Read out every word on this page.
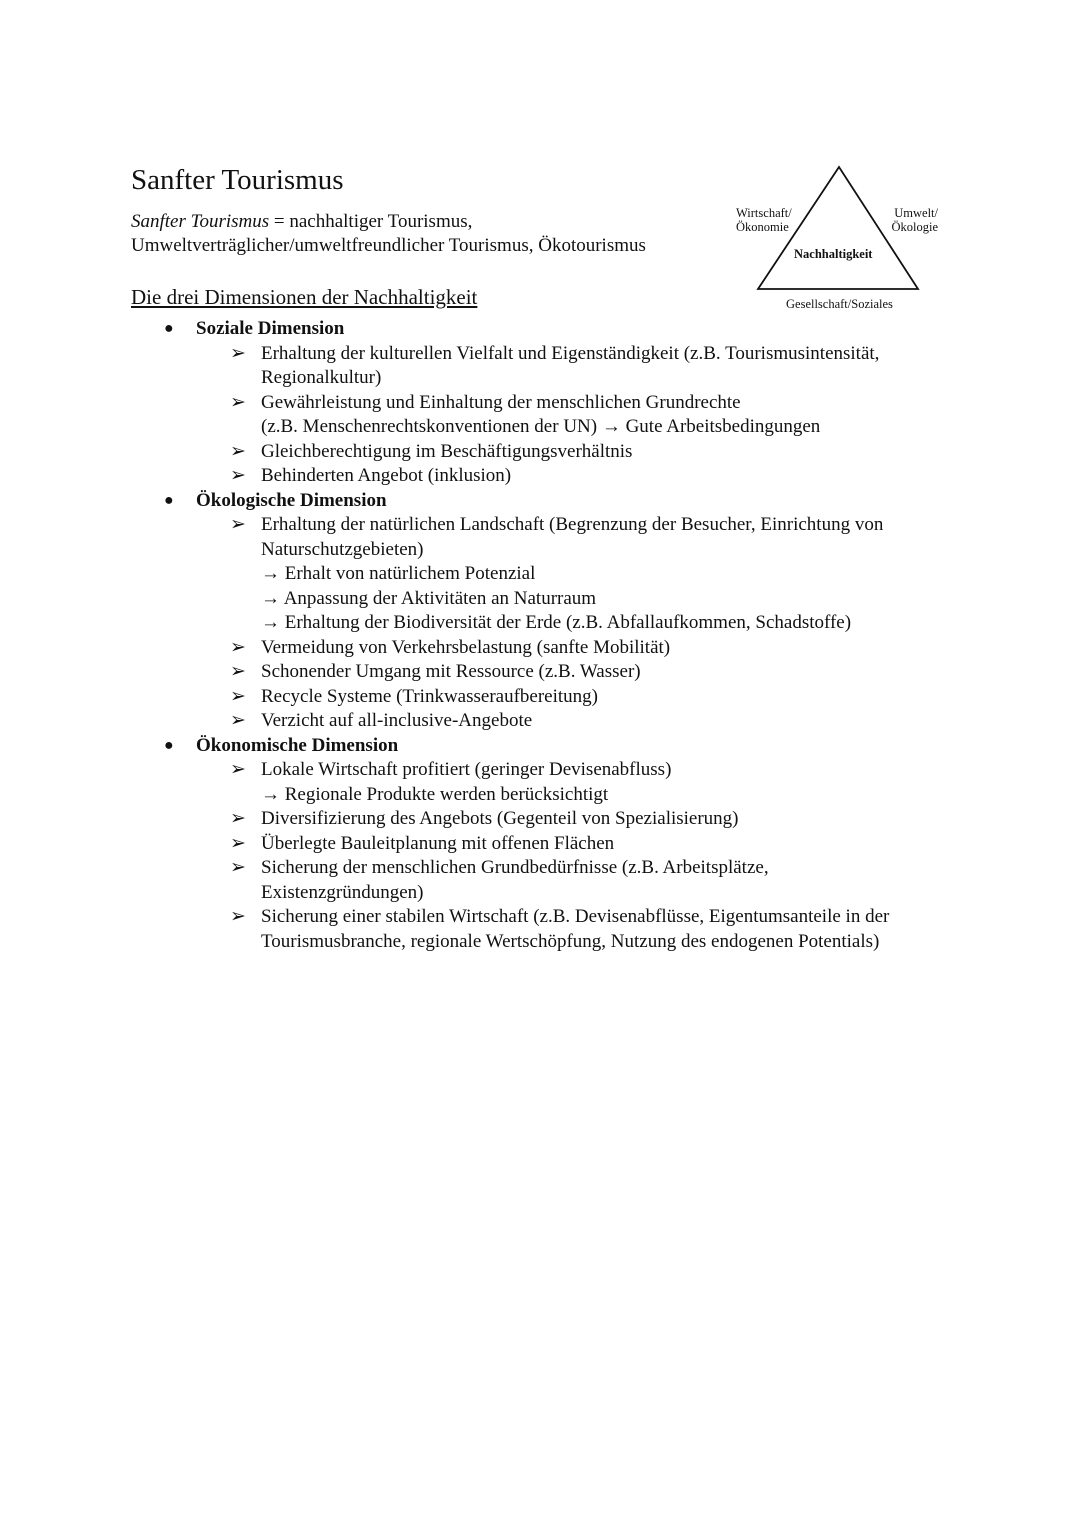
Sanfter Tourismus
Sanfter Tourismus = nachhaltiger Tourismus,
Umweltverträglicher/umweltfreundlicher Tourismus, Ökotourismus
Wirtschaft/
Ökonomie
Umwelt/
Ökologie
Nachhaltigkeit
Gesellschaft/Soziales
Die drei Dimensionen der Nachhaltigkeit
● Soziale Dimension
➢ Erhaltung der kulturellen Vielfalt und Eigenständigkeit (z.B. Tourismusintensität,
Regionalkultur)
➢ Gewährleistung und Einhaltung der menschlichen Grundrechte
(z.B. Menschenrechtskonventionen der UN) → Gute Arbeitsbedingungen
➢ Gleichberechtigung im Beschäftigungsverhältnis
➢ Behinderten Angebot (inklusion)
● Ökologische Dimension
➢ Erhaltung der natürlichen Landschaft (Begrenzung der Besucher, Einrichtung von
Naturschutzgebieten)
→ Erhalt von natürlichem Potenzial
→ Anpassung der Aktivitäten an Naturraum
→ Erhaltung der Biodiversität der Erde (z.B. Abfallaufkommen, Schadstoffe)
➢ Vermeidung von Verkehrsbelastung (sanfte Mobilität)
➢ Schonender Umgang mit Ressource (z.B. Wasser)
➢ Recycle Systeme (Trinkwasseraufbereitung)
➢ Verzicht auf all-inclusive-Angebote
● Ökonomische Dimension
➢ Lokale Wirtschaft profitiert (geringer Devisenabfluss)
→ Regionale Produkte werden berücksichtigt
➢ Diversifizierung des Angebots (Gegenteil von Spezialisierung)
➢ Überlegte Bauleitplanung mit offenen Flächen
➢ Sicherung der menschlichen Grundbedürfnisse (z.B. Arbeitsplätze,
Existenzgründungen)
➢ Sicherung einer stabilen Wirtschaft (z.B. Devisenabflüsse, Eigentumsanteile in der
Tourismusbranche, regionale Wertschöpfung, Nutzung des endogenen Potentials)
